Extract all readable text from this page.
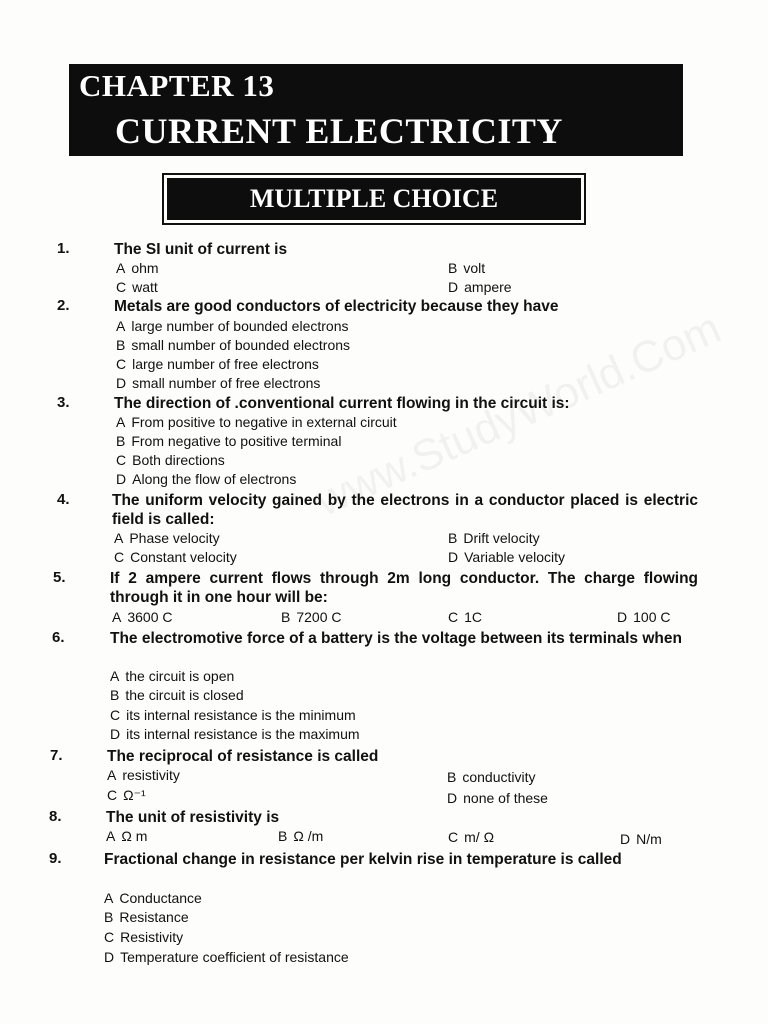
CHAPTER 13
CURRENT ELECTRICITY
MULTIPLE CHOICE
1.	The SI unit of current is
A ohm	B volt
C watt	D ampere
2.	Metals are good conductors of electricity because they have
A large number of bounded electrons
B small number of bounded electrons
C large number of free electrons
D small number of free electrons
3.	The direction of .conventional current flowing in the circuit is:
A From positive to negative in external circuit
B From negative to positive terminal
C Both directions
D Along the flow of electrons
4.	The uniform velocity gained by the electrons in a conductor placed is electric field is called:
A Phase velocity	B Drift velocity
C Constant velocity	D Variable velocity
5.	If 2 ampere current flows through 2m long conductor. The charge flowing through it in one hour will be:
A 3600 C	B 7200 C	C 1C	D 100 C
6.	The electromotive force of a battery is the voltage between its terminals when
A the circuit is open
B the circuit is closed
C its internal resistance is the minimum
D its internal resistance is the maximum
7.	The reciprocal of resistance is called
A resistivity	B conductivity
C Ω⁻¹	D none of these
8.	The unit of resistivity is
A Ω m	B Ω /m	C m/ Ω	D N/m
9.	Fractional change in resistance per kelvin rise in temperature is called
A Conductance
B Resistance
C Resistivity
D Temperature coefficient of resistance
